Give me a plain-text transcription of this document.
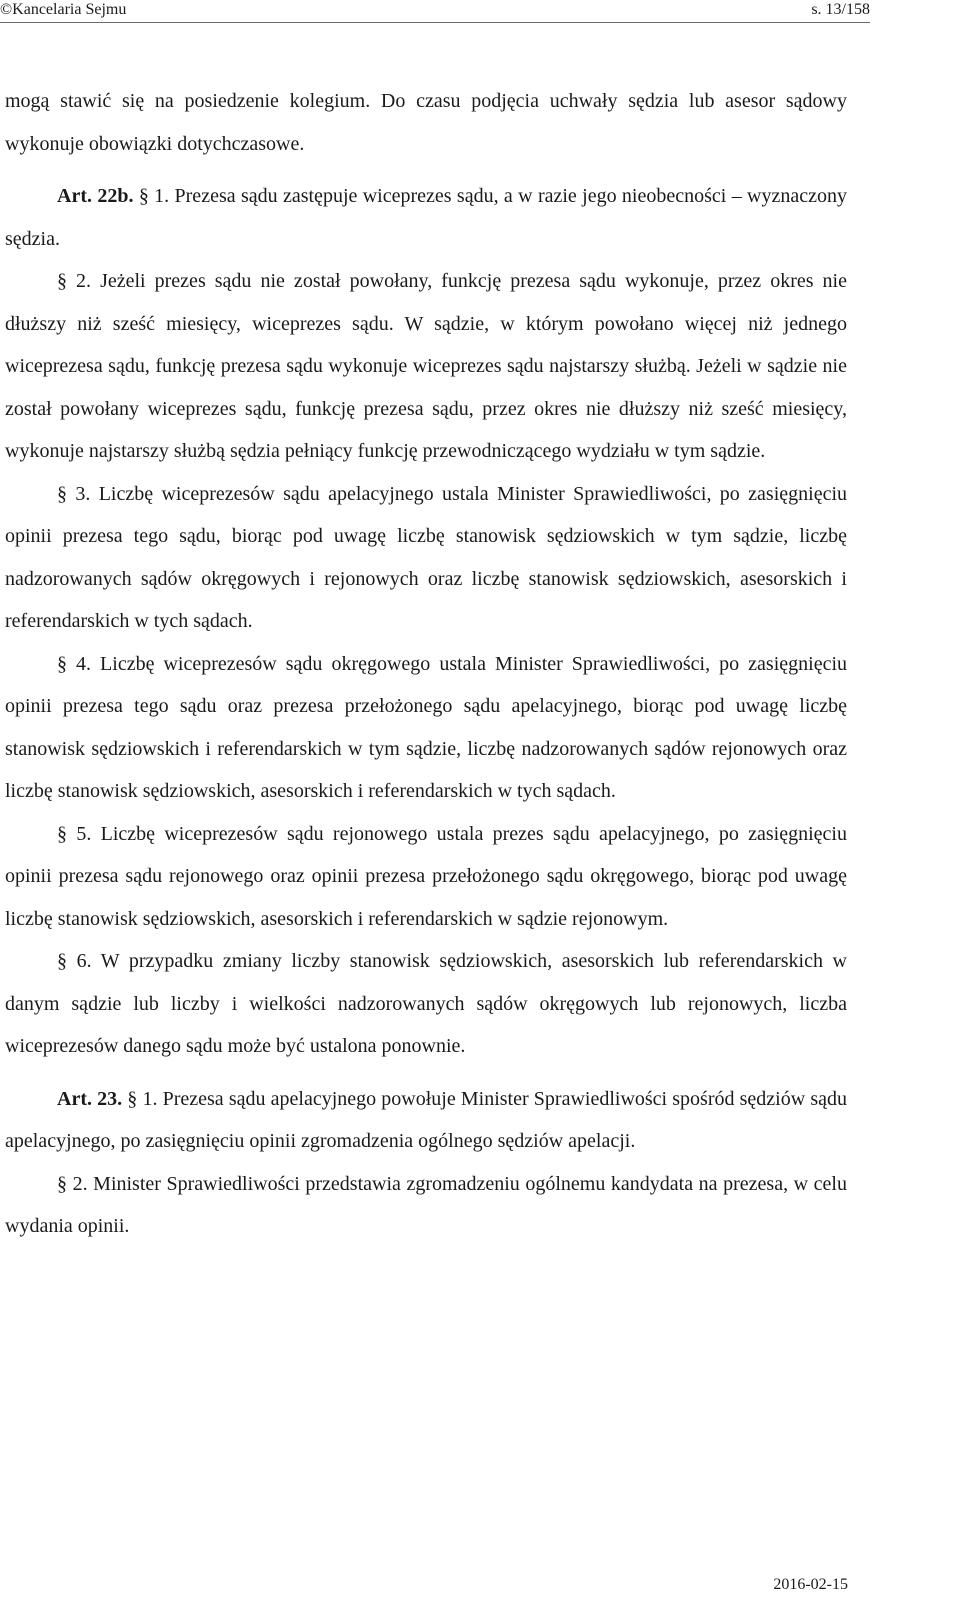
©Kancelaria Sejmu	s. 13/158

mogą stawić się na posiedzenie kolegium. Do czasu podjęcia uchwały sędzia lub asesor sądowy wykonuje obowiązki dotychczasowe.

Art. 22b. § 1. Prezesa sądu zastępuje wiceprezes sądu, a w razie jego nieobecności – wyznaczony sędzia.

§ 2. Jeżeli prezes sądu nie został powołany, funkcję prezesa sądu wykonuje, przez okres nie dłuższy niż sześć miesięcy, wiceprezes sądu. W sądzie, w którym powołano więcej niż jednego wiceprezesa sądu, funkcję prezesa sądu wykonuje wiceprezes sądu najstarszy służbą. Jeżeli w sądzie nie został powołany wiceprezes sądu, funkcję prezesa sądu, przez okres nie dłuższy niż sześć miesięcy, wykonuje najstarszy służbą sędzia pełniący funkcję przewodniczącego wydziału w tym sądzie.

§ 3. Liczbę wiceprezesów sądu apelacyjnego ustala Minister Sprawiedliwości, po zasięgnięciu opinii prezesa tego sądu, biorąc pod uwagę liczbę stanowisk sędziowskich w tym sądzie, liczbę nadzorowanych sądów okręgowych i rejonowych oraz liczbę stanowisk sędziowskich, asesorskich i referendarskich w tych sądach.

§ 4. Liczbę wiceprezesów sądu okręgowego ustala Minister Sprawiedliwości, po zasięgnięciu opinii prezesa tego sądu oraz prezesa przełożonego sądu apelacyjnego, biorąc pod uwagę liczbę stanowisk sędziowskich i referendarskich w tym sądzie, liczbę nadzorowanych sądów rejonowych oraz liczbę stanowisk sędziowskich, asesorskich i referendarskich w tych sądach.

§ 5. Liczbę wiceprezesów sądu rejonowego ustala prezes sądu apelacyjnego, po zasięgnięciu opinii prezesa sądu rejonowego oraz opinii prezesa przełożonego sądu okręgowego, biorąc pod uwagę liczbę stanowisk sędziowskich, asesorskich i referendarskich w sądzie rejonowym.

§ 6. W przypadku zmiany liczby stanowisk sędziowskich, asesorskich lub referendarskich w danym sądzie lub liczby i wielkości nadzorowanych sądów okręgowych lub rejonowych, liczba wiceprezesów danego sądu może być ustalona ponownie.

Art. 23. § 1. Prezesa sądu apelacyjnego powołuje Minister Sprawiedliwości spośród sędziów sądu apelacyjnego, po zasięgnięciu opinii zgromadzenia ogólnego sędziów apelacji.

§ 2. Minister Sprawiedliwości przedstawia zgromadzeniu ogólnemu kandydata na prezesa, w celu wydania opinii.

2016-02-15
